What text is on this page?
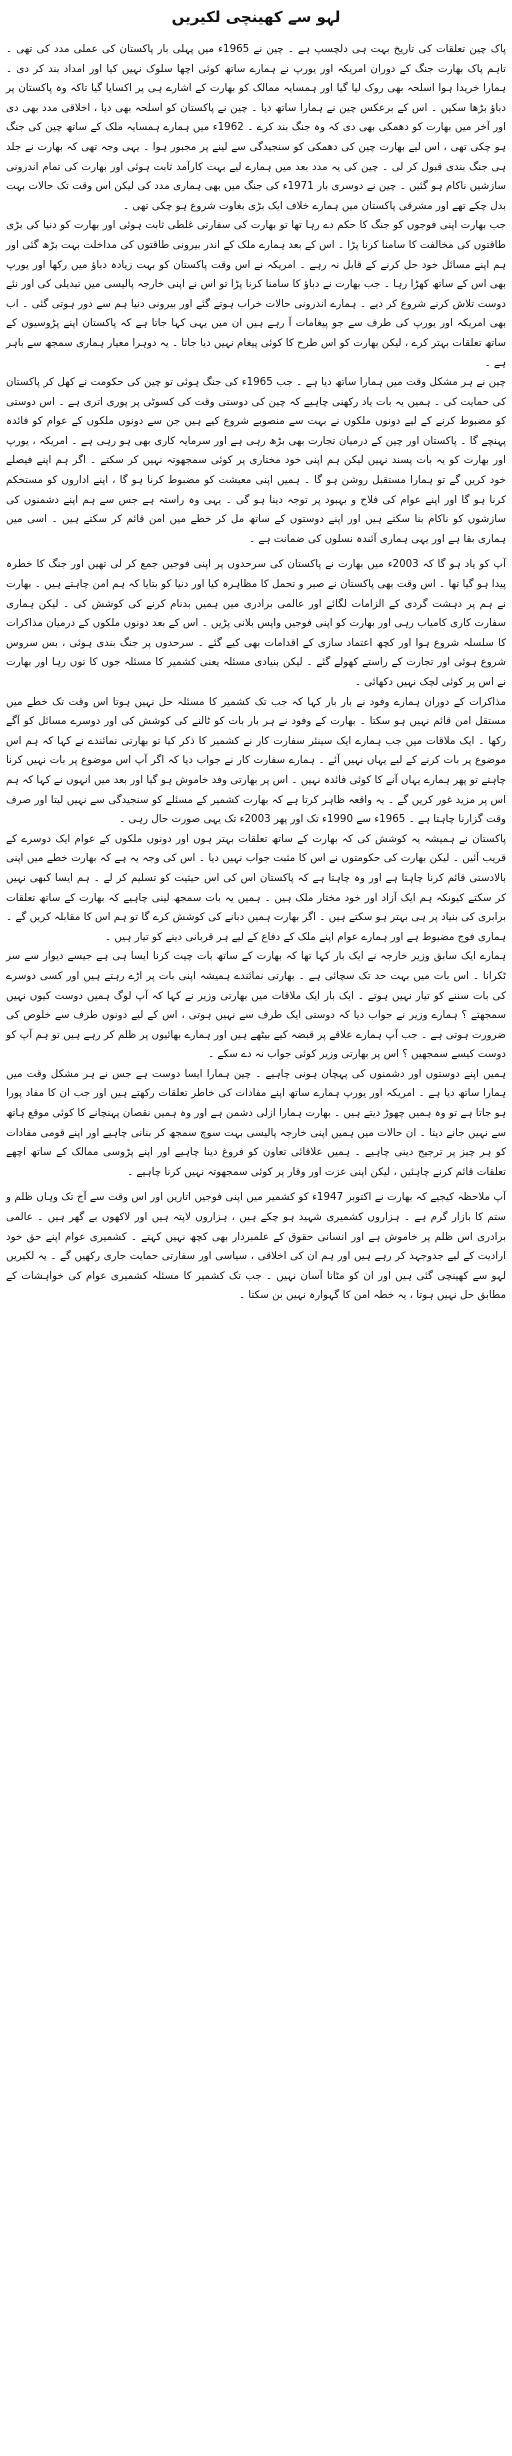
لہو سے کھینچی لکیریں

پاک چین تعلقات کی تاریخ بہت ہی دلچسپ ہے ۔ چین نے 1965ء میں پہلی بار پاکستان کی عملی مدد کی تھی ۔ تاہم پاک بھارت جنگ کے دوران امریکہ اور یورپ نے ہمارے ساتھ کوئی اچھا سلوک نہیں کیا اور امداد بند کر دی ۔ ہمارا خریدا ہوا اسلحہ بھی روک لیا گیا اور ہمسایہ ممالک کو بھارت کے اشارے ہی پر اکسایا گیا تاکہ وہ پاکستان پر دباؤ بڑھا سکیں ۔ اس کے برعکس چین نے ہمارا ساتھ دیا ۔ چین نے پاکستان کو اسلحہ بھی دیا ، اخلاقی مدد بھی دی اور آخر میں بھارت کو دھمکی بھی دی کہ وہ جنگ بند کرے ۔ 1962ء میں ہمارے ہمسایہ ملک کے ساتھ چین کی جنگ ہو چکی تھی ، اس لیے بھارت چین کی دھمکی کو سنجیدگی سے لینے پر مجبور ہوا ۔ یہی وجہ تھی کہ بھارت نے جلد ہی جنگ بندی قبول کر لی ۔ چین کی یہ مدد بعد میں ہمارے لیے بہت کارآمد ثابت ہوئی اور بھارت کی تمام اندرونی سازشیں ناکام ہو گئیں ۔ چین نے دوسری بار 1971ء کی جنگ میں بھی ہماری مدد کی لیکن اس وقت تک حالات بہت بدل چکے تھے اور مشرقی پاکستان میں ہمارے خلاف ایک بڑی بغاوت شروع ہو چکی تھی ۔

جب بھارت اپنی فوجوں کو جنگ کا حکم دے رہا تھا تو بھارت کی سفارتی غلطی ثابت ہوئی اور بھارت کو دنیا کی بڑی طاقتوں کی مخالفت کا سامنا کرنا پڑا ۔ اس کے بعد ہمارے ملک کے اندر بیرونی طاقتوں کی مداخلت بہت بڑھ گئی اور ہم اپنے مسائل خود حل کرنے کے قابل نہ رہے ۔ امریکہ نے اس وقت پاکستان کو بہت زیادہ دباؤ میں رکھا اور یورپ بھی اس کے ساتھ کھڑا رہا ۔ جب بھارت نے دباؤ کا سامنا کرنا پڑا تو اس نے اپنی خارجہ پالیسی میں تبدیلی کی اور نئے دوست تلاش کرنے شروع کر دیے ۔ ہمارے اندرونی حالات خراب ہوتے گئے اور بیرونی دنیا ہم سے دور ہوتی گئی ۔ اب بھی امریکہ اور یورپ کی طرف سے جو پیغامات آ رہے ہیں ان میں یہی کہا جاتا ہے کہ پاکستان اپنے پڑوسیوں کے ساتھ تعلقات بہتر کرے ، لیکن بھارت کو اس طرح کا کوئی پیغام نہیں دیا جاتا ۔ یہ دوہرا معیار ہماری سمجھ سے باہر ہے ۔

چین نے ہر مشکل وقت میں ہمارا ساتھ دیا ہے ۔ جب 1965ء کی جنگ ہوئی تو چین کی حکومت نے کھل کر پاکستان کی حمایت کی ۔ ہمیں یہ بات یاد رکھنی چاہیے کہ چین کی دوستی وقت کی کسوٹی پر پوری اتری ہے ۔ اس دوستی کو مضبوط کرنے کے لیے دونوں ملکوں نے بہت سے منصوبے شروع کیے ہیں جن سے دونوں ملکوں کے عوام کو فائدہ پہنچے گا ۔ پاکستان اور چین کے درمیان تجارت بھی بڑھ رہی ہے اور سرمایہ کاری بھی ہو رہی ہے ۔ امریکہ ، یورپ اور بھارت کو یہ بات پسند نہیں لیکن ہم اپنی خود مختاری پر کوئی سمجھوتہ نہیں کر سکتے ۔ اگر ہم اپنے فیصلے خود کریں گے تو ہمارا مستقبل روشن ہو گا ۔ ہمیں اپنی معیشت کو مضبوط کرنا ہو گا ، اپنے اداروں کو مستحکم کرنا ہو گا اور اپنے عوام کی فلاح و بہبود پر توجہ دینا ہو گی ۔ یہی وہ راستہ ہے جس سے ہم اپنے دشمنوں کی سازشوں کو ناکام بنا سکتے ہیں اور اپنے دوستوں کے ساتھ مل کر خطے میں امن قائم کر سکتے ہیں ۔ اسی میں ہماری بقا ہے اور یہی ہماری آئندہ نسلوں کی ضمانت ہے ۔

آپ کو یاد ہو گا کہ 2003ء میں بھارت نے پاکستان کی سرحدوں پر اپنی فوجیں جمع کر لی تھیں اور جنگ کا خطرہ پیدا ہو گیا تھا ۔ اس وقت بھی پاکستان نے صبر و تحمل کا مظاہرہ کیا اور دنیا کو بتایا کہ ہم امن چاہتے ہیں ۔ بھارت نے ہم پر دہشت گردی کے الزامات لگائے اور عالمی برادری میں ہمیں بدنام کرنے کی کوشش کی ۔ لیکن ہماری سفارت کاری کامیاب رہی اور بھارت کو اپنی فوجیں واپس بلانی پڑیں ۔ اس کے بعد دونوں ملکوں کے درمیان مذاکرات کا سلسلہ شروع ہوا اور کچھ اعتماد سازی کے اقدامات بھی کیے گئے ۔ سرحدوں پر جنگ بندی ہوئی ، بس سروس شروع ہوئی اور تجارت کے راستے کھولے گئے ۔ لیکن بنیادی مسئلہ یعنی کشمیر کا مسئلہ جوں کا توں رہا اور بھارت نے اس پر کوئی لچک نہیں دکھائی ۔

مذاکرات کے دوران ہمارے وفود نے بار بار کہا کہ جب تک کشمیر کا مسئلہ حل نہیں ہوتا اس وقت تک خطے میں مستقل امن قائم نہیں ہو سکتا ۔ بھارت کے وفود نے ہر بار بات کو ٹالنے کی کوشش کی اور دوسرے مسائل کو آگے رکھا ۔ ایک ملاقات میں جب ہمارے ایک سینئر سفارت کار نے کشمیر کا ذکر کیا تو بھارتی نمائندے نے کہا کہ ہم اس موضوع پر بات کرنے کے لیے یہاں نہیں آئے ۔ ہمارے سفارت کار نے جواب دیا کہ اگر آپ اس موضوع پر بات نہیں کرنا چاہتے تو پھر ہمارے یہاں آنے کا کوئی فائدہ نہیں ۔ اس پر بھارتی وفد خاموش ہو گیا اور بعد میں انہوں نے کہا کہ ہم اس پر مزید غور کریں گے ۔ یہ واقعہ ظاہر کرتا ہے کہ بھارت کشمیر کے مسئلے کو سنجیدگی سے نہیں لیتا اور صرف وقت گزارنا چاہتا ہے ۔ 1965ء سے 1990ء تک اور پھر 2003ء تک یہی صورت حال رہی ۔

پاکستان نے ہمیشہ یہ کوشش کی کہ بھارت کے ساتھ تعلقات بہتر ہوں اور دونوں ملکوں کے عوام ایک دوسرے کے قریب آئیں ۔ لیکن بھارت کی حکومتوں نے اس کا مثبت جواب نہیں دیا ۔ اس کی وجہ یہ ہے کہ بھارت خطے میں اپنی بالادستی قائم کرنا چاہتا ہے اور وہ چاہتا ہے کہ پاکستان اس کی اس حیثیت کو تسلیم کر لے ۔ ہم ایسا کبھی نہیں کر سکتے کیونکہ ہم ایک آزاد اور خود مختار ملک ہیں ۔ ہمیں یہ بات سمجھ لینی چاہیے کہ بھارت کے ساتھ تعلقات برابری کی بنیاد پر ہی بہتر ہو سکتے ہیں ۔ اگر بھارت ہمیں دبانے کی کوشش کرے گا تو ہم اس کا مقابلہ کریں گے ۔ ہماری فوج مضبوط ہے اور ہمارے عوام اپنے ملک کے دفاع کے لیے ہر قربانی دینے کو تیار ہیں ۔

ہمارے ایک سابق وزیر خارجہ نے ایک بار کہا تھا کہ بھارت کے ساتھ بات چیت کرنا ایسا ہی ہے جیسے دیوار سے سر ٹکرانا ۔ اس بات میں بہت حد تک سچائی ہے ۔ بھارتی نمائندے ہمیشہ اپنی بات پر اڑے رہتے ہیں اور کسی دوسرے کی بات سننے کو تیار نہیں ہوتے ۔ ایک بار ایک ملاقات میں بھارتی وزیر نے کہا کہ آپ لوگ ہمیں دوست کیوں نہیں سمجھتے ؟ ہمارے وزیر نے جواب دیا کہ دوستی ایک طرف سے نہیں ہوتی ، اس کے لیے دونوں طرف سے خلوص کی ضرورت ہوتی ہے ۔ جب آپ ہمارے علاقے پر قبضہ کیے بیٹھے ہیں اور ہمارے بھائیوں پر ظلم کر رہے ہیں تو ہم آپ کو دوست کیسے سمجھیں ؟ اس پر بھارتی وزیر کوئی جواب نہ دے سکے ۔

ہمیں اپنے دوستوں اور دشمنوں کی پہچان ہونی چاہیے ۔ چین ہمارا ایسا دوست ہے جس نے ہر مشکل وقت میں ہمارا ساتھ دیا ہے ۔ امریکہ اور یورپ ہمارے ساتھ اپنے مفادات کی خاطر تعلقات رکھتے ہیں اور جب ان کا مفاد پورا ہو جاتا ہے تو وہ ہمیں چھوڑ دیتے ہیں ۔ بھارت ہمارا ازلی دشمن ہے اور وہ ہمیں نقصان پہنچانے کا کوئی موقع ہاتھ سے نہیں جانے دیتا ۔ ان حالات میں ہمیں اپنی خارجہ پالیسی بہت سوچ سمجھ کر بنانی چاہیے اور اپنے قومی مفادات کو ہر چیز پر ترجیح دینی چاہیے ۔ ہمیں علاقائی تعاون کو فروغ دینا چاہیے اور اپنے پڑوسی ممالک کے ساتھ اچھے تعلقات قائم کرنے چاہئیں ، لیکن اپنی عزت اور وقار پر کوئی سمجھوتہ نہیں کرنا چاہیے ۔

آپ ملاحظہ کیجیے کہ بھارت نے اکتوبر 1947ء کو کشمیر میں اپنی فوجیں اتاریں اور اس وقت سے آج تک وہاں ظلم و ستم کا بازار گرم ہے ۔ ہزاروں کشمیری شہید ہو چکے ہیں ، ہزاروں لاپتہ ہیں اور لاکھوں بے گھر ہیں ۔ عالمی برادری اس ظلم پر خاموش ہے اور انسانی حقوق کے علمبردار بھی کچھ نہیں کہتے ۔ کشمیری عوام اپنے حق خود ارادیت کے لیے جدوجہد کر رہے ہیں اور ہم ان کی اخلاقی ، سیاسی اور سفارتی حمایت جاری رکھیں گے ۔ یہ لکیریں لہو سے کھینچی گئی ہیں اور ان کو مٹانا آسان نہیں ۔ جب تک کشمیر کا مسئلہ کشمیری عوام کی خواہشات کے مطابق حل نہیں ہوتا ، یہ خطہ امن کا گہوارہ نہیں بن سکتا ۔
